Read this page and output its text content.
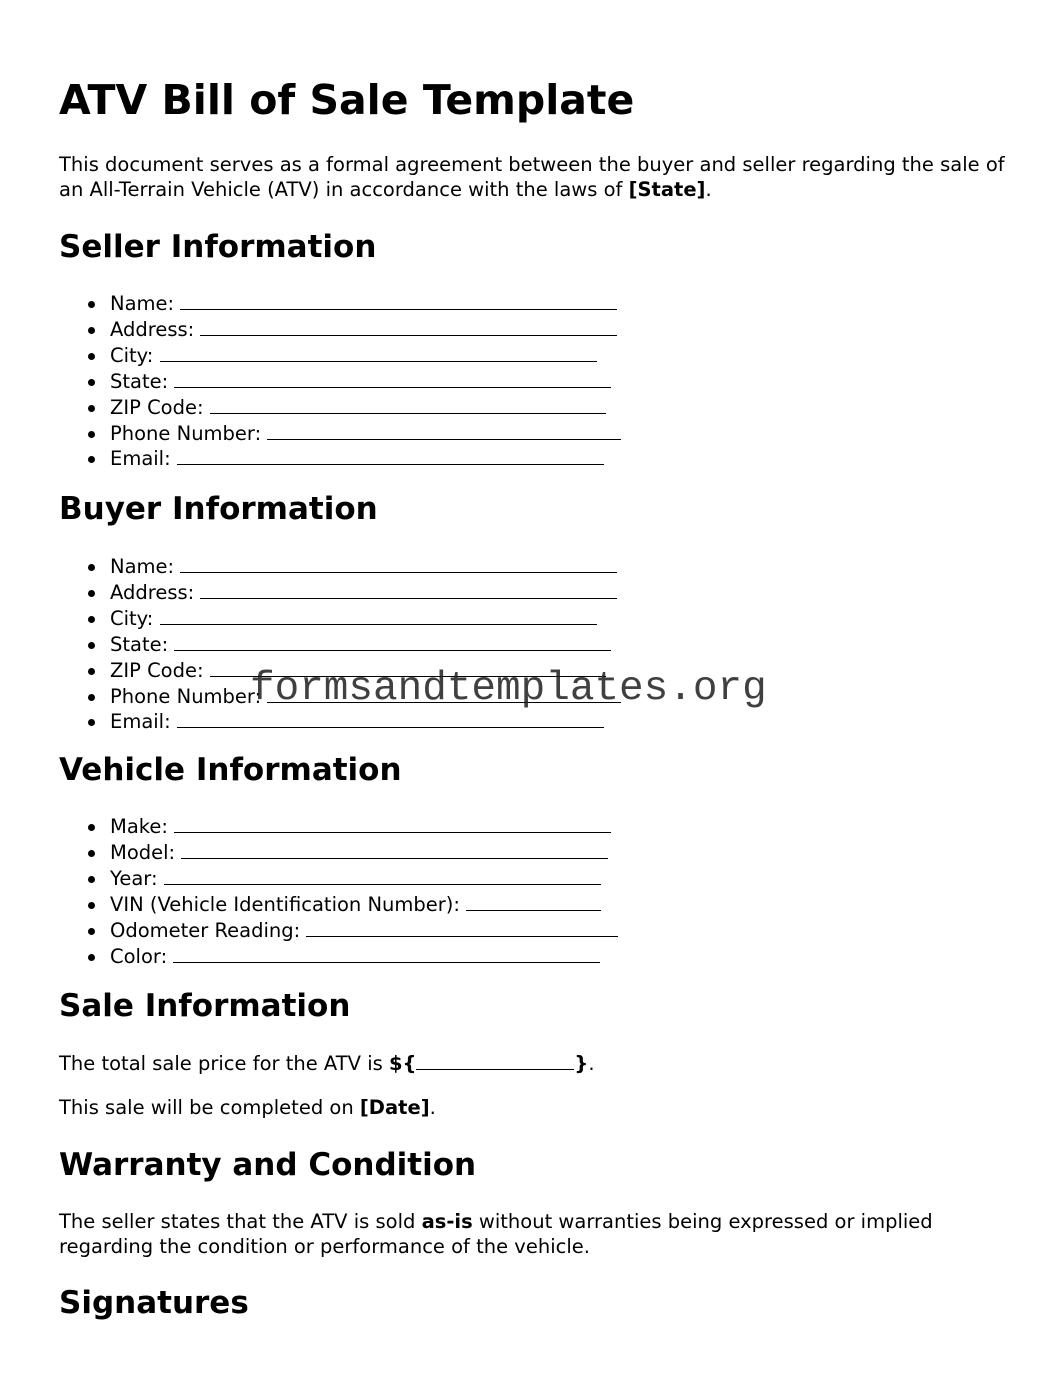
ATV Bill of Sale Template

This document serves as a formal agreement between the buyer and seller regarding the sale of an All-Terrain Vehicle (ATV) in accordance with the laws of [State].

Seller Information
Name:
Address:
City:
State:
ZIP Code:
Phone Number:
Email:
Buyer Information
Name:
Address:
City:
State:
ZIP Code:
Phone Number:
Email:
Vehicle Information
Make:
Model:
Year:
VIN (Vehicle Identification Number):
Odometer Reading:
Color:
Sale Information

The total sale price for the ATV is ${	}.

This sale will be completed on [Date].

Warranty and Condition

The seller states that the ATV is sold as-is without warranties being expressed or implied regarding the condition or performance of the vehicle.

Signatures
formsandtemplates.org
